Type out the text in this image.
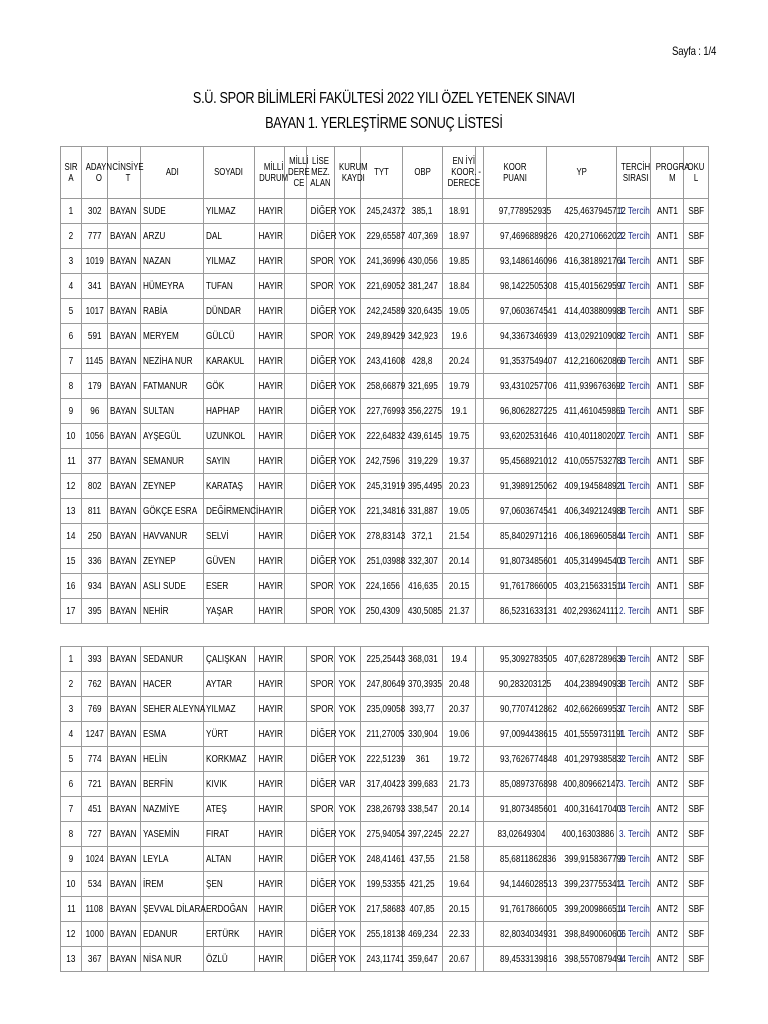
Sayfa : 1/4
S.Ü. SPOR BİLİMLERİ FAKÜLTESİ 2022 YILI ÖZEL YETENEK SINAVI
BAYAN 1. YERLEŞTİRME SONUÇ LİSTESİ
SIR A	ADAYN O	CİNSİYE T	ADI	SOYADI	MİLLİ DURUM	MİLLİ DERE CE	LİSE MEZ. ALAN	KURUM KAYDI	TYT	OBP	EN İYİ KOOR. DERECE	-	KOOR PUANI	YP	TERCİH SIRASI	PROGRA M	OKU L
1	302	BAYAN	SUDE	YILMAZ	HAYIR		DİĞER	YOK	245,24372	385,1	18.91		97,778952935	425,4637945712	1. Tercih	ANT1	SBF
2	777	BAYAN	ARZU	DAL	HAYIR		DİĞER	YOK	229,65587	407,369	18.97		97,4696889826	420,2710662022	1. Tercih	ANT1	SBF
3	1019	BAYAN	NAZAN	YILMAZ	HAYIR		SPOR	YOK	241,36996	430,056	19.85		93,1486146096	416,3818921764	1. Tercih	ANT1	SBF
4	341	BAYAN	HÜMEYRA	TUFAN	HAYIR		SPOR	YOK	221,69052	381,247	18.84		98,1422505308	415,4015629597	1. Tercih	ANT1	SBF
5	1017	BAYAN	RABİA	DÜNDAR	HAYIR		DİĞER	YOK	242,24589	320,6435	19.05		97,0603674541	414,4038809988	1. Tercih	ANT1	SBF
6	591	BAYAN	MERYEM	GÜLCÜ	HAYIR		SPOR	YOK	249,89429	342,923	19.6		94,3367346939	413,0292109082	1. Tercih	ANT1	SBF
7	1145	BAYAN	NEZİHA NUR	KARAKUL	HAYIR		DİĞER	YOK	243,41608	428,8	20.24		91,3537549407	412,2160620869	1. Tercih	ANT1	SBF
8	179	BAYAN	FATMANUR	GÖK	HAYIR		DİĞER	YOK	258,66879	321,695	19.79		93,4310257706	411,9396763692	1. Tercih	ANT1	SBF
9	96	BAYAN	SULTAN	HAPHAP	HAYIR		DİĞER	YOK	227,76993	356,2275	19.1		96,8062827225	411,4610459869	1. Tercih	ANT1	SBF
10	1056	BAYAN	AYŞEGÜL	UZUNKOL	HAYIR		DİĞER	YOK	222,64832	439,6145	19.75		93,6202531646	410,4011802027	1. Tercih	ANT1	SBF
11	377	BAYAN	SEMANUR	SAYIN	HAYIR		DİĞER	YOK	242,7596	319,229	19.37		95,4568921012	410,0557532783	1. Tercih	ANT1	SBF
12	802	BAYAN	ZEYNEP	KARATAŞ	HAYIR		DİĞER	YOK	245,31919	395,4495	20.23		91,3989125062	409,1945848921	1. Tercih	ANT1	SBF
13	811	BAYAN	GÖKÇE ESRA	DEĞİRMENCİ	HAYIR		DİĞER	YOK	221,34816	331,887	19.05		97,0603674541	406,3492124988	1. Tercih	ANT1	SBF
14	250	BAYAN	HAVVANUR	SELVİ	HAYIR		DİĞER	YOK	278,83143	372,1	21.54		85,8402971216	406,1869605844	1. Tercih	ANT1	SBF
15	336	BAYAN	ZEYNEP	GÜVEN	HAYIR		DİĞER	YOK	251,03988	332,307	20.14		91,8073485601	405,3149945403	1. Tercih	ANT1	SBF
16	934	BAYAN	ASLI SUDE	ESER	HAYIR		SPOR	YOK	224,1656	416,635	20.15		91,7617866005	403,2156331514	1. Tercih	ANT1	SBF
17	395	BAYAN	NEHİR	YAŞAR	HAYIR		SPOR	YOK	250,4309	430,5085	21.37		86,5231633131	402,293624111	2. Tercih	ANT1	SBF
1	393	BAYAN	SEDANUR	ÇALIŞKAN	HAYIR		SPOR	YOK	225,25443	368,031	19.4		95,3092783505	407,6287289639	1. Tercih	ANT2	SBF
2	762	BAYAN	HACER	AYTAR	HAYIR		SPOR	YOK	247,80649	370,3935	20.48		90,283203125	404,2389490938	1. Tercih	ANT2	SBF
3	769	BAYAN	SEHER ALEYNA	YILMAZ	HAYIR		SPOR	YOK	235,09058	393,77	20.37		90,7707412862	402,6626699537	1. Tercih	ANT2	SBF
4	1247	BAYAN	ESMA	YÜRT	HAYIR		DİĞER	YOK	211,27005	330,904	19.06		97,0094438615	401,5559731191	1. Tercih	ANT2	SBF
5	774	BAYAN	HELİN	KORKMAZ	HAYIR		DİĞER	YOK	222,51239	361	19.72		93,7626774848	401,2979385832	2. Tercih	ANT2	SBF
6	721	BAYAN	BERFİN	KIVIK	HAYIR		DİĞER	VAR	317,40423	399,683	21.73		85,0897376898	400,809662147	3. Tercih	ANT2	SBF
7	451	BAYAN	NAZMİYE	ATEŞ	HAYIR		SPOR	YOK	238,26793	338,547	20.14		91,8073485601	400,3164170403	2. Tercih	ANT2	SBF
8	727	BAYAN	YASEMİN	FIRAT	HAYIR		DİĞER	YOK	275,94054	397,2245	22.27		83,02649304	400,16303886	3. Tercih	ANT2	SBF
9	1024	BAYAN	LEYLA	ALTAN	HAYIR		DİĞER	YOK	248,41461	437,55	21.58		85,6811862836	399,9158367799	3. Tercih	ANT2	SBF
10	534	BAYAN	İREM	ŞEN	HAYIR		DİĞER	YOK	199,53355	421,25	19.64		94,1446028513	399,2377553411	2. Tercih	ANT2	SBF
11	1108	BAYAN	ŞEVVAL DİLARA	ERDOĞAN	HAYIR		DİĞER	YOK	217,58683	407,85	20.15		91,7617866005	399,2009866514	1. Tercih	ANT2	SBF
12	1000	BAYAN	EDANUR	ERTÜRK	HAYIR		DİĞER	YOK	255,18138	469,234	22.33		82,8034034931	398,8490060606	2. Tercih	ANT2	SBF
13	367	BAYAN	NİSA NUR	ÖZLÜ	HAYIR		DİĞER	YOK	243,11741	359,647	20.67		89,4533139816	398,5570879494	1. Tercih	ANT2	SBF
